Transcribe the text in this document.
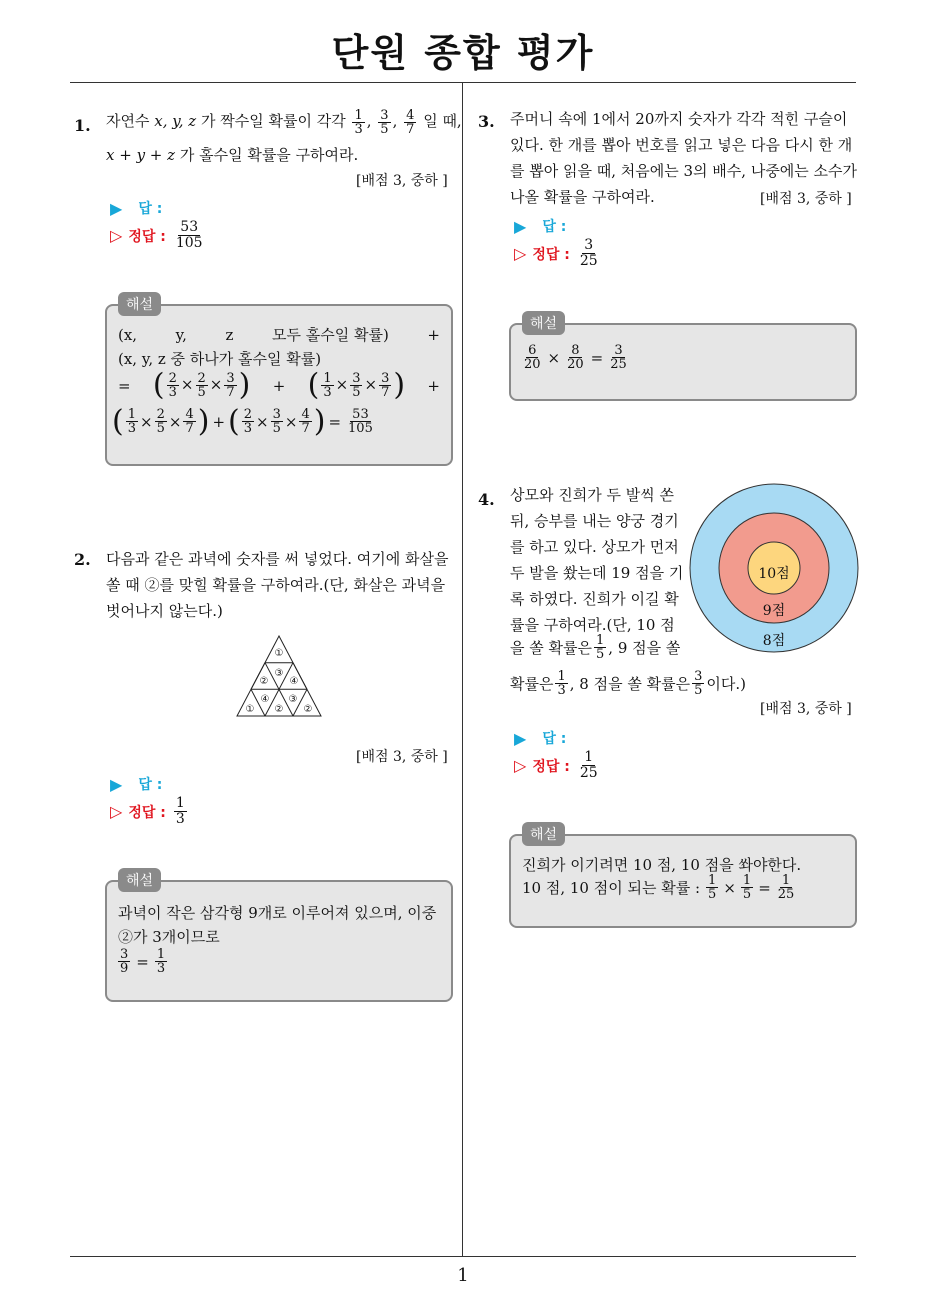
단원 종합 평가
1
1. 자연수 x, y, z 가 짝수일 확률이 각각 $\frac{1}{3}$ , $\frac{3}{5}$ , $\frac{4}{7}$ 일 때,
x + y + z 가 홀수일 확률을 구하여라.
[배점 3, 중하 ]
▶ 답 :
▷ 정답 : $\frac{53}{105}$
해설
(x,	y,	z	모두 홀수일 확률)	+
(x, y, z 중 하나가 홀수일 확률)
= ( $\frac{2}{3} \times \frac{2}{5} \times \frac{3}{7}$ ) + ( $\frac{1}{3} \times \frac{3}{5} \times \frac{3}{7}$ ) +
( $\frac{1}{3} \times \frac{2}{5} \times \frac{4}{7}$ ) + ( $\frac{2}{3} \times \frac{3}{5} \times \frac{4}{7}$ ) = $\frac{53}{105}$
2. 다음과 같은 과녁에 숫자를 써 넣었다. 여기에 화살을
쏠 때 ②를 맞힐 확률을 구하여라.(단, 화살은 과녁을
벗어나지 않는다.)
①
③
② ④
①
④
②
③
②
[배점 3, 중하 ]
▶ 답 :
▷ 정답 : $\frac{1}{3}$
해설
과녁이 작은 삼각형 9개로 이루어져 있으며, 이중
②가 3개이므로
$\frac{3}{9} = \frac{1}{3}$
3. 주머니 속에 1에서 20까지 숫자가 각각 적힌 구슬이
있다. 한 개를 뽑아 번호를 읽고 넣은 다음 다시 한 개
를 뽑아 읽을 때, 처음에는 3의 배수, 나중에는 소수가
나올 확률을 구하여라.	[배점 3, 중하 ]
▶ 답 :
▷ 정답 : $\frac{3}{25}$
해설
$\frac{6}{20} \times \frac{8}{20} = \frac{3}{25}$
4. 상모와 진희가 두 발씩 쏜
뒤, 승부를 내는 양궁 경기
를 하고 있다. 상모가 먼저
두 발을 쐈는데 19 점을 기
록 하였다. 진희가 이길 확
률을 구하여라.(단, 10 점
을 쏠 확률은 $\frac{1}{5}$ , 9 점을 쏠
확률은 $\frac{1}{3}$ , 8 점을 쏠 확률은 $\frac{3}{5}$ 이다.)
10점
9점
8점
[배점 3, 중하 ]
▶ 답 :
▷ 정답 : $\frac{1}{25}$
해설
진희가 이기려면 10 점, 10 점을 쏴야한다.
10 점, 10 점이 되는 확률 : $\frac{1}{5} \times \frac{1}{5} = \frac{1}{25}$
